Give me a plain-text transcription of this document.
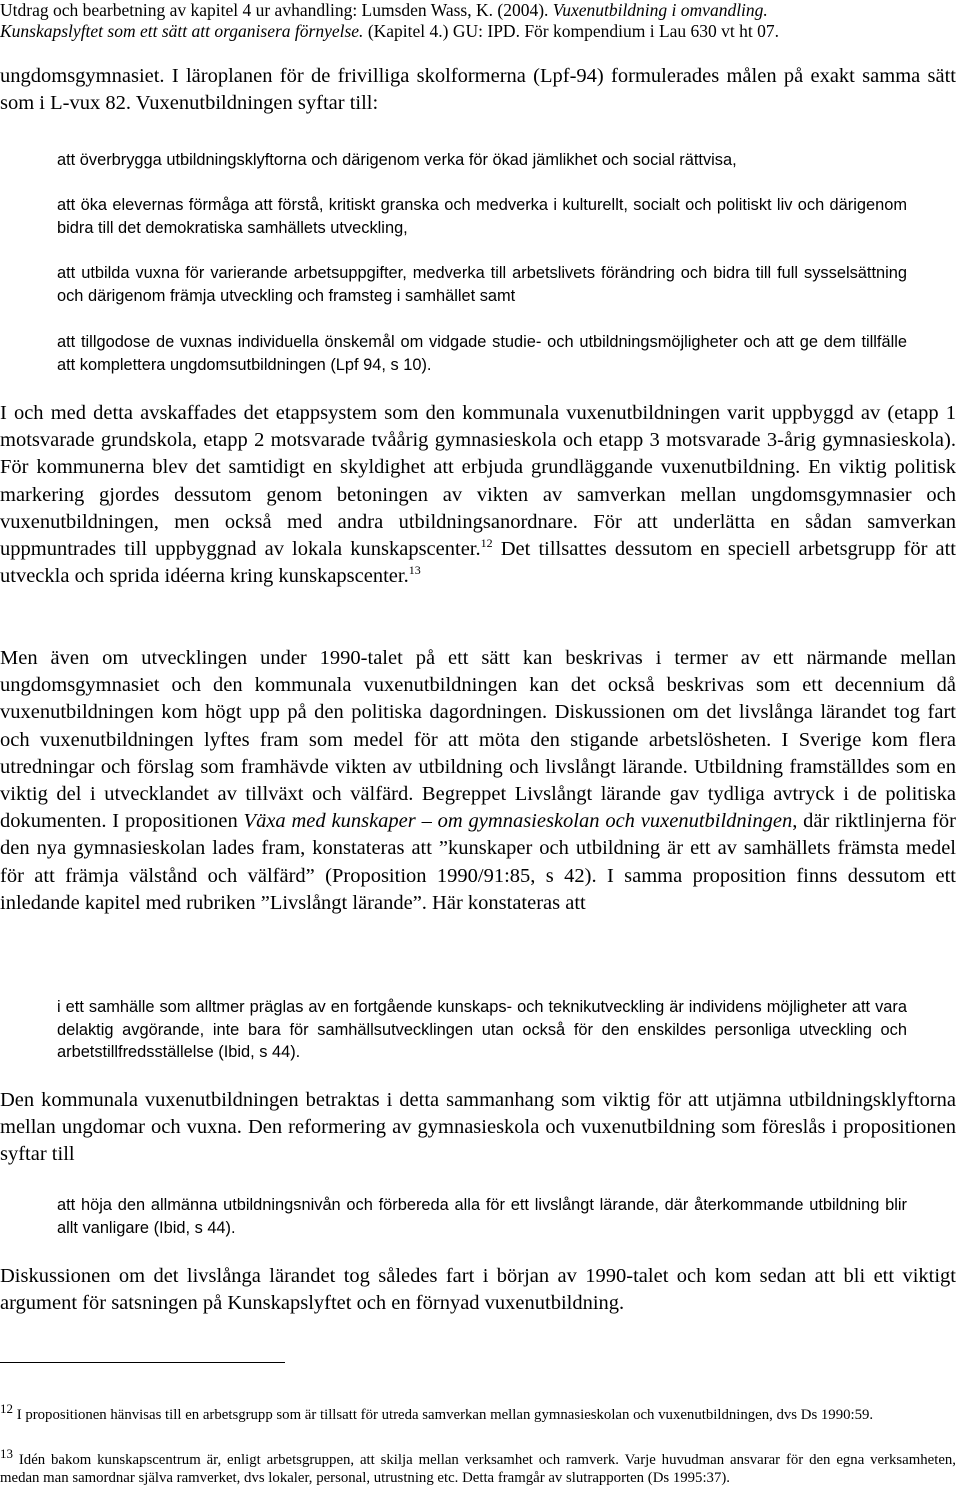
Utdrag och bearbetning av kapitel 4 ur avhandling: Lumsden Wass, K. (2004). Vuxenutbildning i omvandling.
Kunskapslyftet som ett sätt att organisera förnyelse. (Kapitel 4.) GU: IPD. För kompendium i Lau 630 vt ht 07.
ungdomsgymnasiet. I läroplanen för de frivilliga skolformerna (Lpf-94) formulerades målen på exakt samma sätt som i L-vux 82. Vuxenutbildningen syftar till:
att överbrygga utbildningsklyftorna och därigenom verka för ökad jämlikhet och social rättvisa,
att öka elevernas förmåga att förstå, kritiskt granska och medverka i kulturellt, socialt och politiskt liv och därigenom bidra till det demokratiska samhällets utveckling,
att utbilda vuxna för varierande arbetsuppgifter, medverka till arbetslivets förändring och bidra till full sysselsättning och därigenom främja utveckling och framsteg i samhället samt
att tillgodose de vuxnas individuella önskemål om vidgade studie- och utbildningsmöjligheter och att ge dem tillfälle att komplettera ungdomsutbildningen (Lpf 94, s 10).
I och med detta avskaffades det etappsystem som den kommunala vuxenutbildningen varit uppbyggd av (etapp 1 motsvarade grundskola, etapp 2 motsvarade tvåårig gymnasieskola och etapp 3 motsvarade 3-årig gymnasieskola). För kommunerna blev det samtidigt en skyldighet att erbjuda grundläggande vuxenutbildning. En viktig politisk markering gjordes dessutom genom betoningen av vikten av samverkan mellan ungdomsgymnasier och vuxenutbildningen, men också med andra utbildningsanordnare. För att underlätta en sådan samverkan uppmuntrades till uppbyggnad av lokala kunskapscenter.$^{12}$ Det tillsattes dessutom en speciell arbetsgrupp för att utveckla och sprida idéerna kring kunskapscenter.$^{13}$
Men även om utvecklingen under 1990-talet på ett sätt kan beskrivas i termer av ett närmande mellan ungdomsgymnasiet och den kommunala vuxenutbildningen kan det också beskrivas som ett decennium då vuxenutbildningen kom högt upp på den politiska dagordningen. Diskussionen om det livslånga lärandet tog fart och vuxenutbildningen lyftes fram som medel för att möta den stigande arbetslösheten. I Sverige kom flera utredningar och förslag som framhävde vikten av utbildning och livslångt lärande. Utbildning framställdes som en viktig del i utvecklandet av tillväxt och välfärd. Begreppet Livslångt lärande gav tydliga avtryck i de politiska dokumenten. I propositionen Växa med kunskaper – om gymnasieskolan och vuxenutbildningen, där riktlinjerna för den nya gymnasieskolan lades fram, konstateras att ”kunskaper och utbildning är ett av samhällets främsta medel för att främja välstånd och välfärd” (Proposition 1990/91:85, s 42). I samma proposition finns dessutom ett inledande kapitel med rubriken ”Livslångt lärande”. Här konstateras att
i ett samhälle som alltmer präglas av en fortgående kunskaps- och teknikutveckling är individens möjligheter att vara delaktig avgörande, inte bara för samhällsutvecklingen utan också för den enskildes personliga utveckling och arbetstillfredsställelse (Ibid, s 44).
Den kommunala vuxenutbildningen betraktas i detta sammanhang som viktig för att utjämna utbildningsklyftorna mellan ungdomar och vuxna. Den reformering av gymnasieskola och vuxenutbildning som föreslås i propositionen syftar till
att höja den allmänna utbildningsnivån och förbereda alla för ett livslångt lärande, där återkommande utbildning blir allt vanligare (Ibid, s 44).
Diskussionen om det livslånga lärandet tog således fart i början av 1990-talet och kom sedan att bli ett viktigt argument för satsningen på Kunskapslyftet och en förnyad vuxenutbildning.
12 I propositionen hänvisas till en arbetsgrupp som är tillsatt för utreda samverkan mellan gymnasieskolan och vuxenutbildningen, dvs Ds 1990:59.
13 Idén bakom kunskapscentrum är, enligt arbetsgruppen, att skilja mellan verksamhet och ramverk. Varje huvudman ansvarar för den egna verksamheten, medan man samordnar själva ramverket, dvs lokaler, personal, utrustning etc. Detta framgår av slutrapporten (Ds 1995:37).
